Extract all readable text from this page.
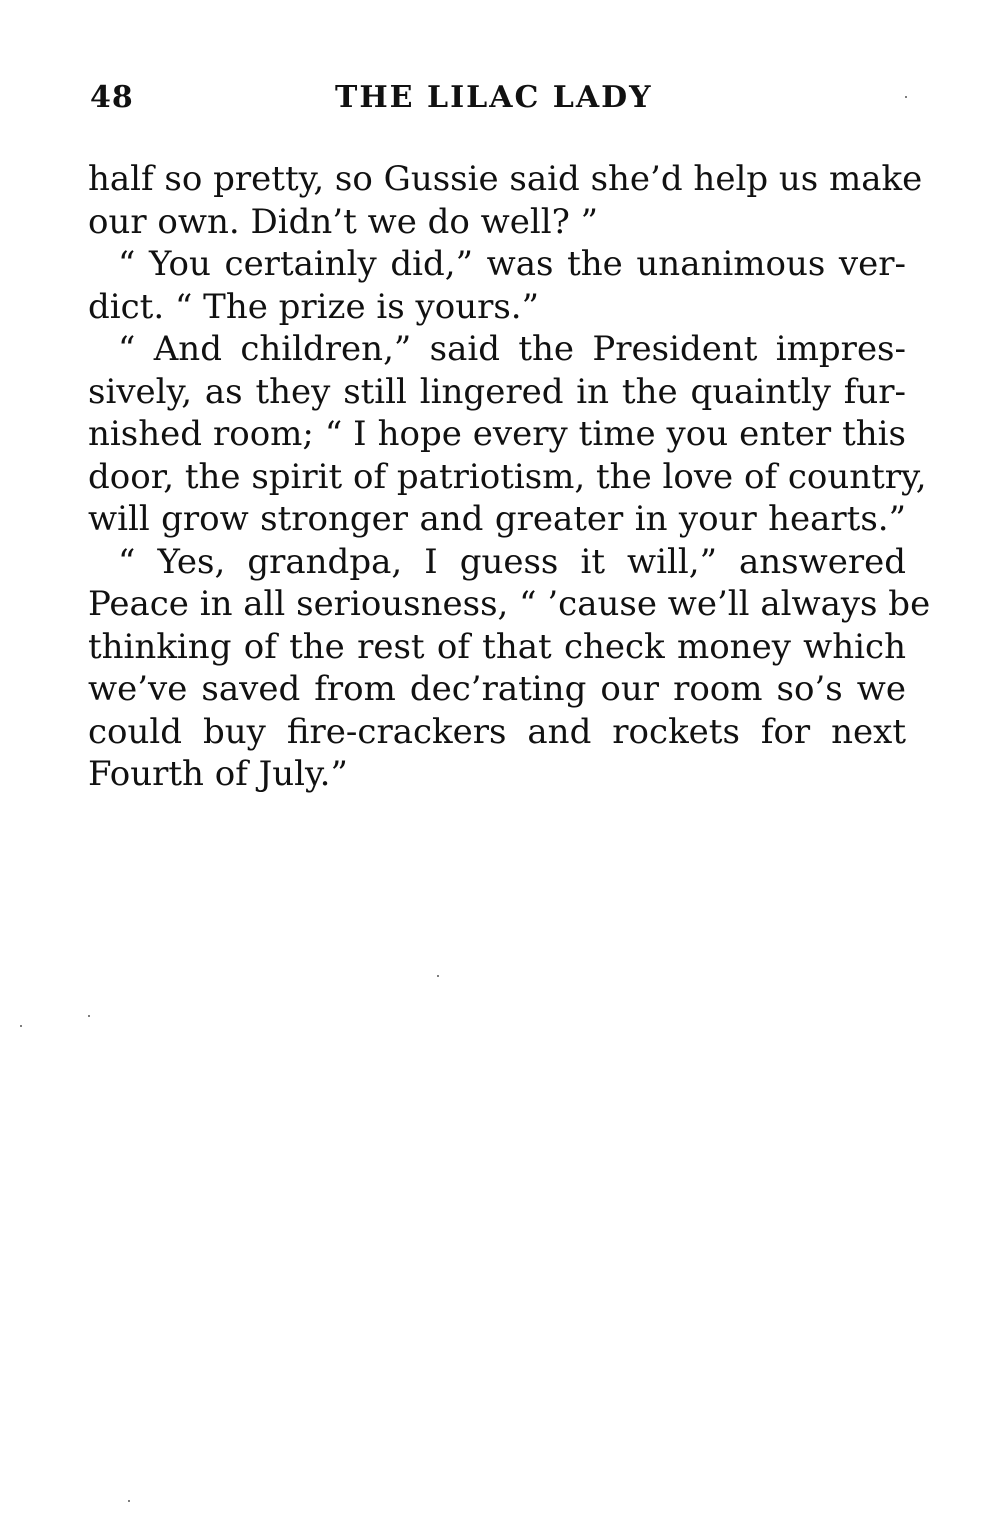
48	THE LILAC LADY
half so pretty, so Gussie said she’d help us make
our own. Didn’t we do well? ”
“ You certainly did,” was the unanimous ver-
dict. “ The prize is yours.”
“ And children,” said the President impres-
sively, as they still lingered in the quaintly fur-
nished room; “ I hope every time you enter this
door, the spirit of patriotism, the love of country,
will grow stronger and greater in your hearts.”
“ Yes, grandpa, I guess it will,” answered
Peace in all seriousness, “ ’cause we’ll always be
thinking of the rest of that check money which
we’ve saved from dec’rating our room so’s we
could buy fire-crackers and rockets for next
Fourth of July.”
